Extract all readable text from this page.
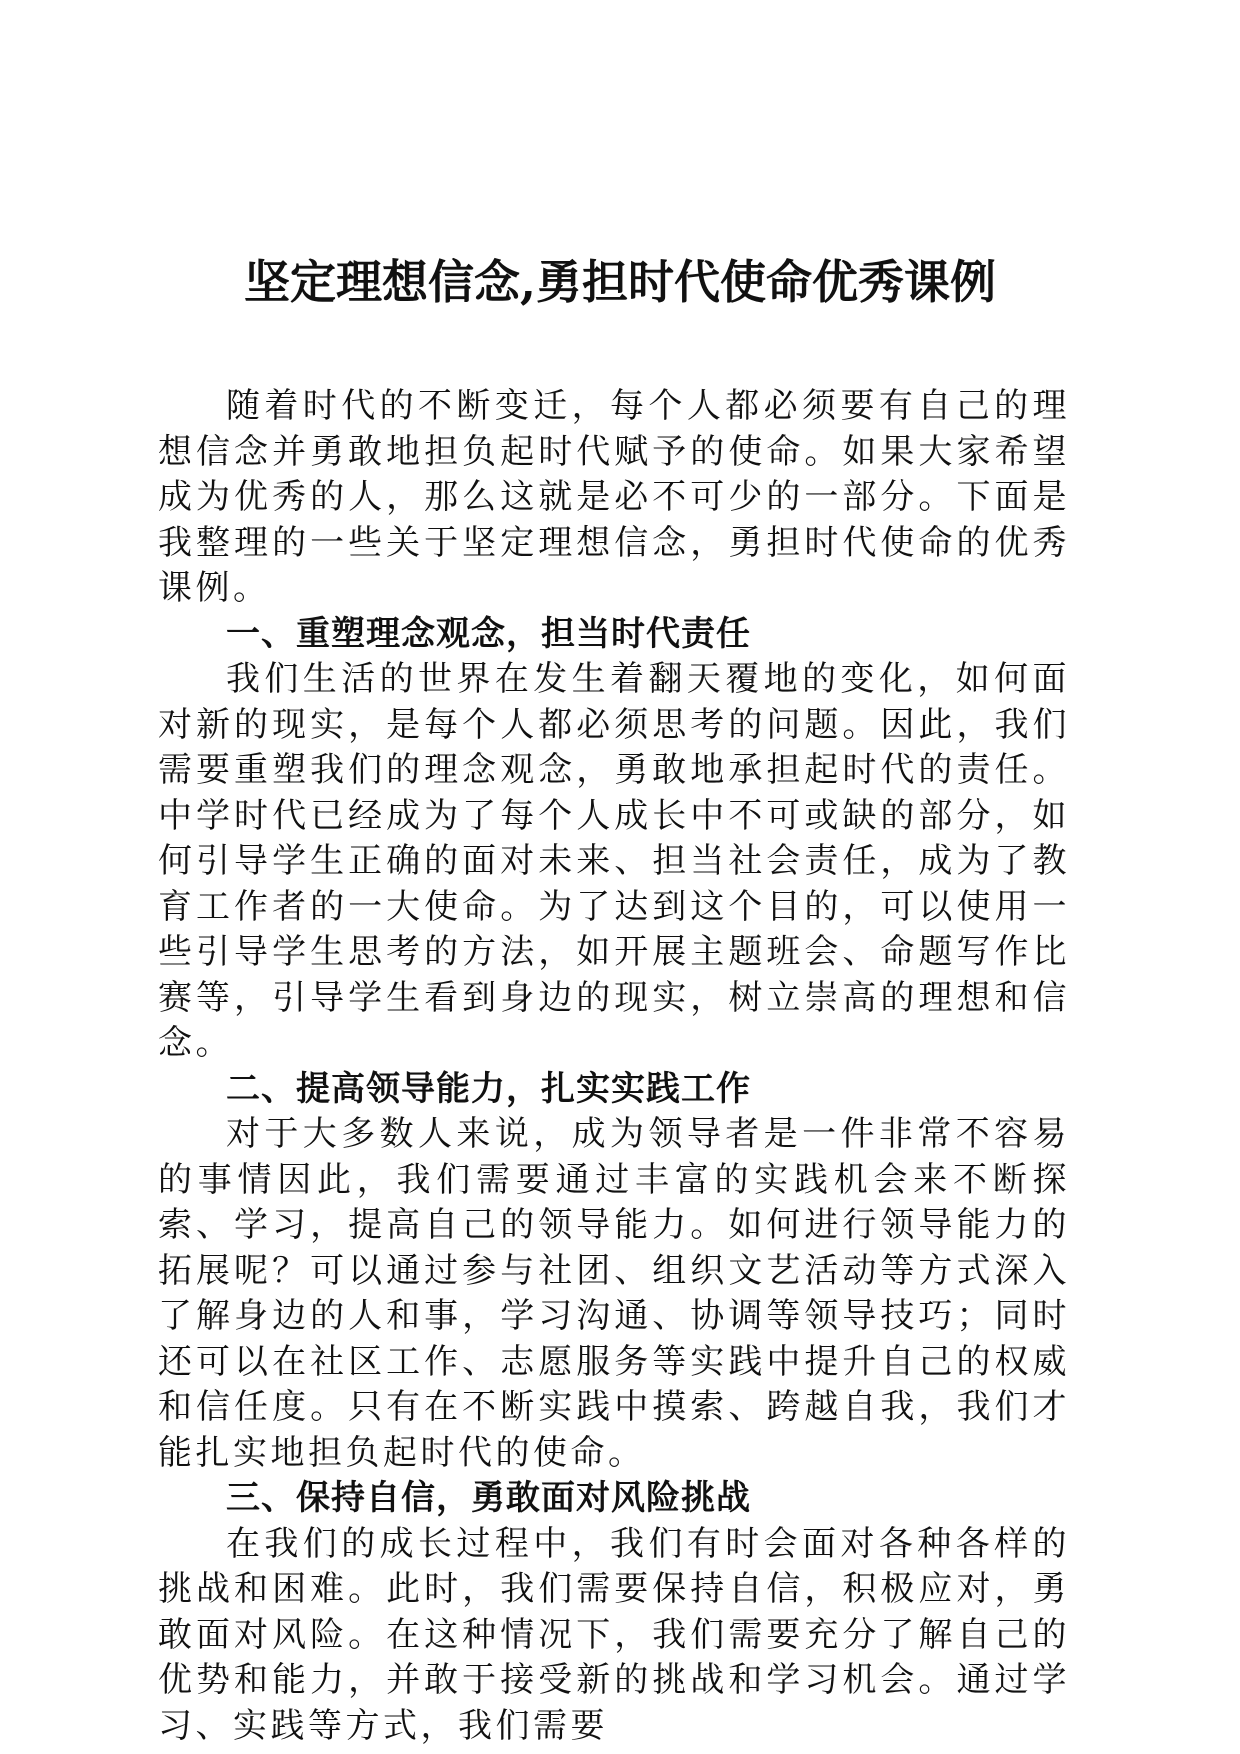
坚定理想信念,勇担时代使命优秀课例

随着时代的不断变迁，每个人都必须要有自己的理想信念并勇敢地担负起时代赋予的使命。如果大家希望成为优秀的人，那么这就是必不可少的一部分。下面是我整理的一些关于坚定理想信念，勇担时代使命的优秀课例。

一、重塑理念观念，担当时代责任

我们生活的世界在发生着翻天覆地的变化，如何面对新的现实，是每个人都必须思考的问题。因此，我们需要重塑我们的理念观念，勇敢地承担起时代的责任。中学时代已经成为了每个人成长中不可或缺的部分，如何引导学生正确的面对未来、担当社会责任，成为了教育工作者的一大使命。为了达到这个目的，可以使用一些引导学生思考的方法，如开展主题班会、命题写作比赛等，引导学生看到身边的现实，树立崇高的理想和信念。

二、提高领导能力，扎实实践工作

对于大多数人来说，成为领导者是一件非常不容易的事情因此，我们需要通过丰富的实践机会来不断探索、学习，提高自己的领导能力。如何进行领导能力的拓展呢？可以通过参与社团、组织文艺活动等方式深入了解身边的人和事，学习沟通、协调等领导技巧；同时还可以在社区工作、志愿服务等实践中提升自己的权威和信任度。只有在不断实践中摸索、跨越自我，我们才能扎实地担负起时代的使命。

三、保持自信，勇敢面对风险挑战

在我们的成长过程中，我们有时会面对各种各样的挑战和困难。此时，我们需要保持自信，积极应对，勇敢面对风险。在这种情况下，我们需要充分了解自己的优势和能力，并敢于接受新的挑战和学习机会。通过学习、实践等方式，我们需要
